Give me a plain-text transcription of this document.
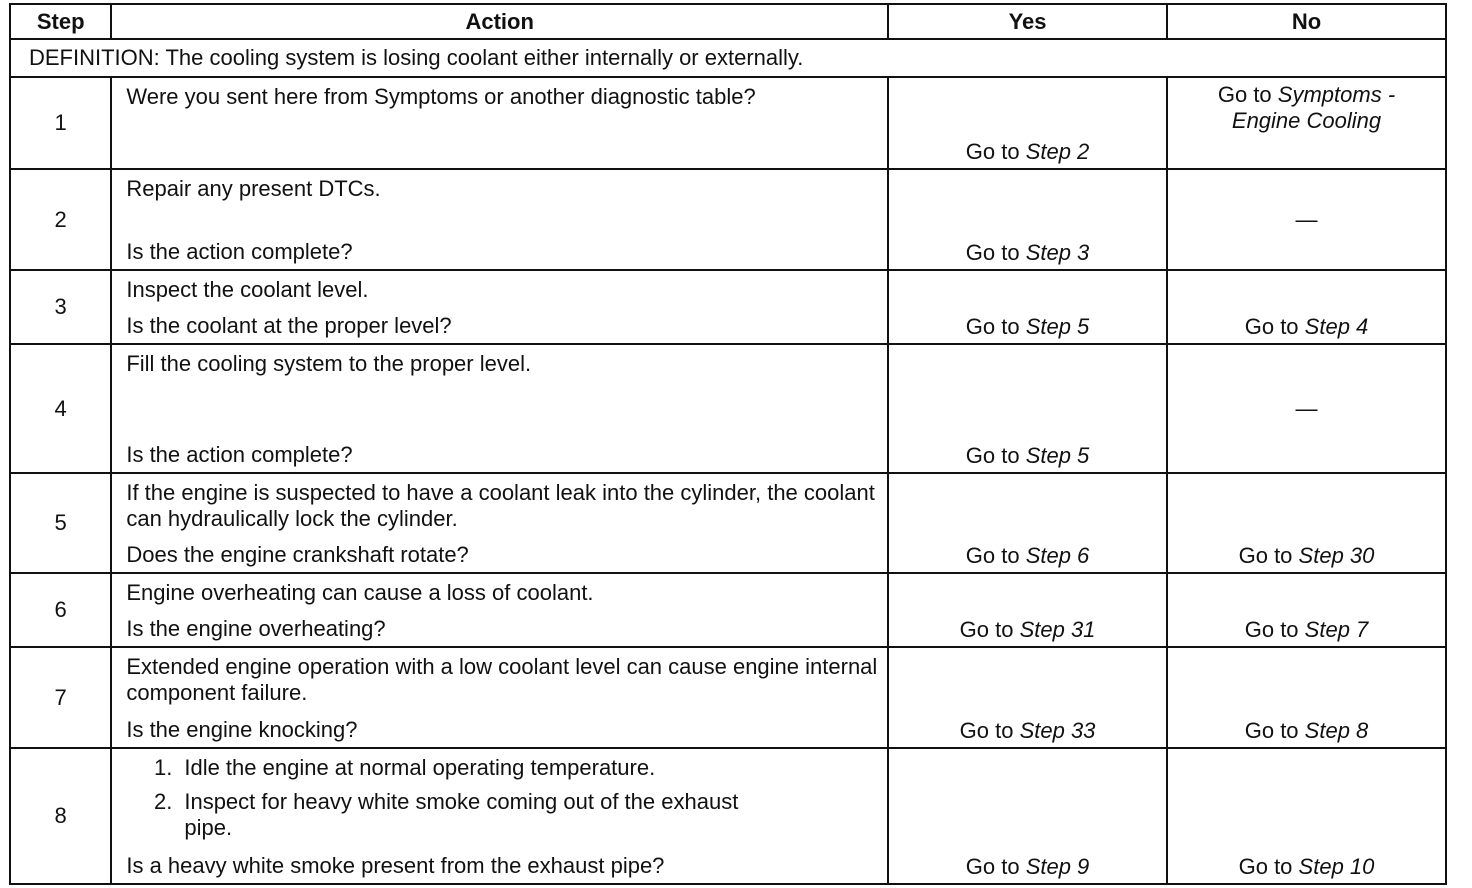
Step	Action	Yes	No
DEFINITION: The cooling system is losing coolant either internally or externally.			
1	Were you sent here from Symptoms or another diagnostic table?	Go to Step 2	Go to Symptoms -
Engine Cooling

2	Repair any present DTCs.
Is the action complete?	Go to Step 3	—

3	Inspect the coolant level.
Is the coolant at the proper level?	Go to Step 5	Go to Step 4

4	Fill the cooling system to the proper level.
Is the action complete?	Go to Step 5	—

5	If the engine is suspected to have a coolant leak into the cylinder, the coolant can hydraulically lock the cylinder.
Does the engine crankshaft rotate?	Go to Step 6	Go to Step 30

6	Engine overheating can cause a loss of coolant.
Is the engine overheating?	Go to Step 31	Go to Step 7

7	Extended engine operation with a low coolant level can cause engine internal component failure.
Is the engine knocking?	Go to Step 33	Go to Step 8

8	1. Idle the engine at normal operating temperature.
2. Inspect for heavy white smoke coming out of the exhaust pipe.
Is a heavy white smoke present from the exhaust pipe?	Go to Step 9	Go to Step 10
